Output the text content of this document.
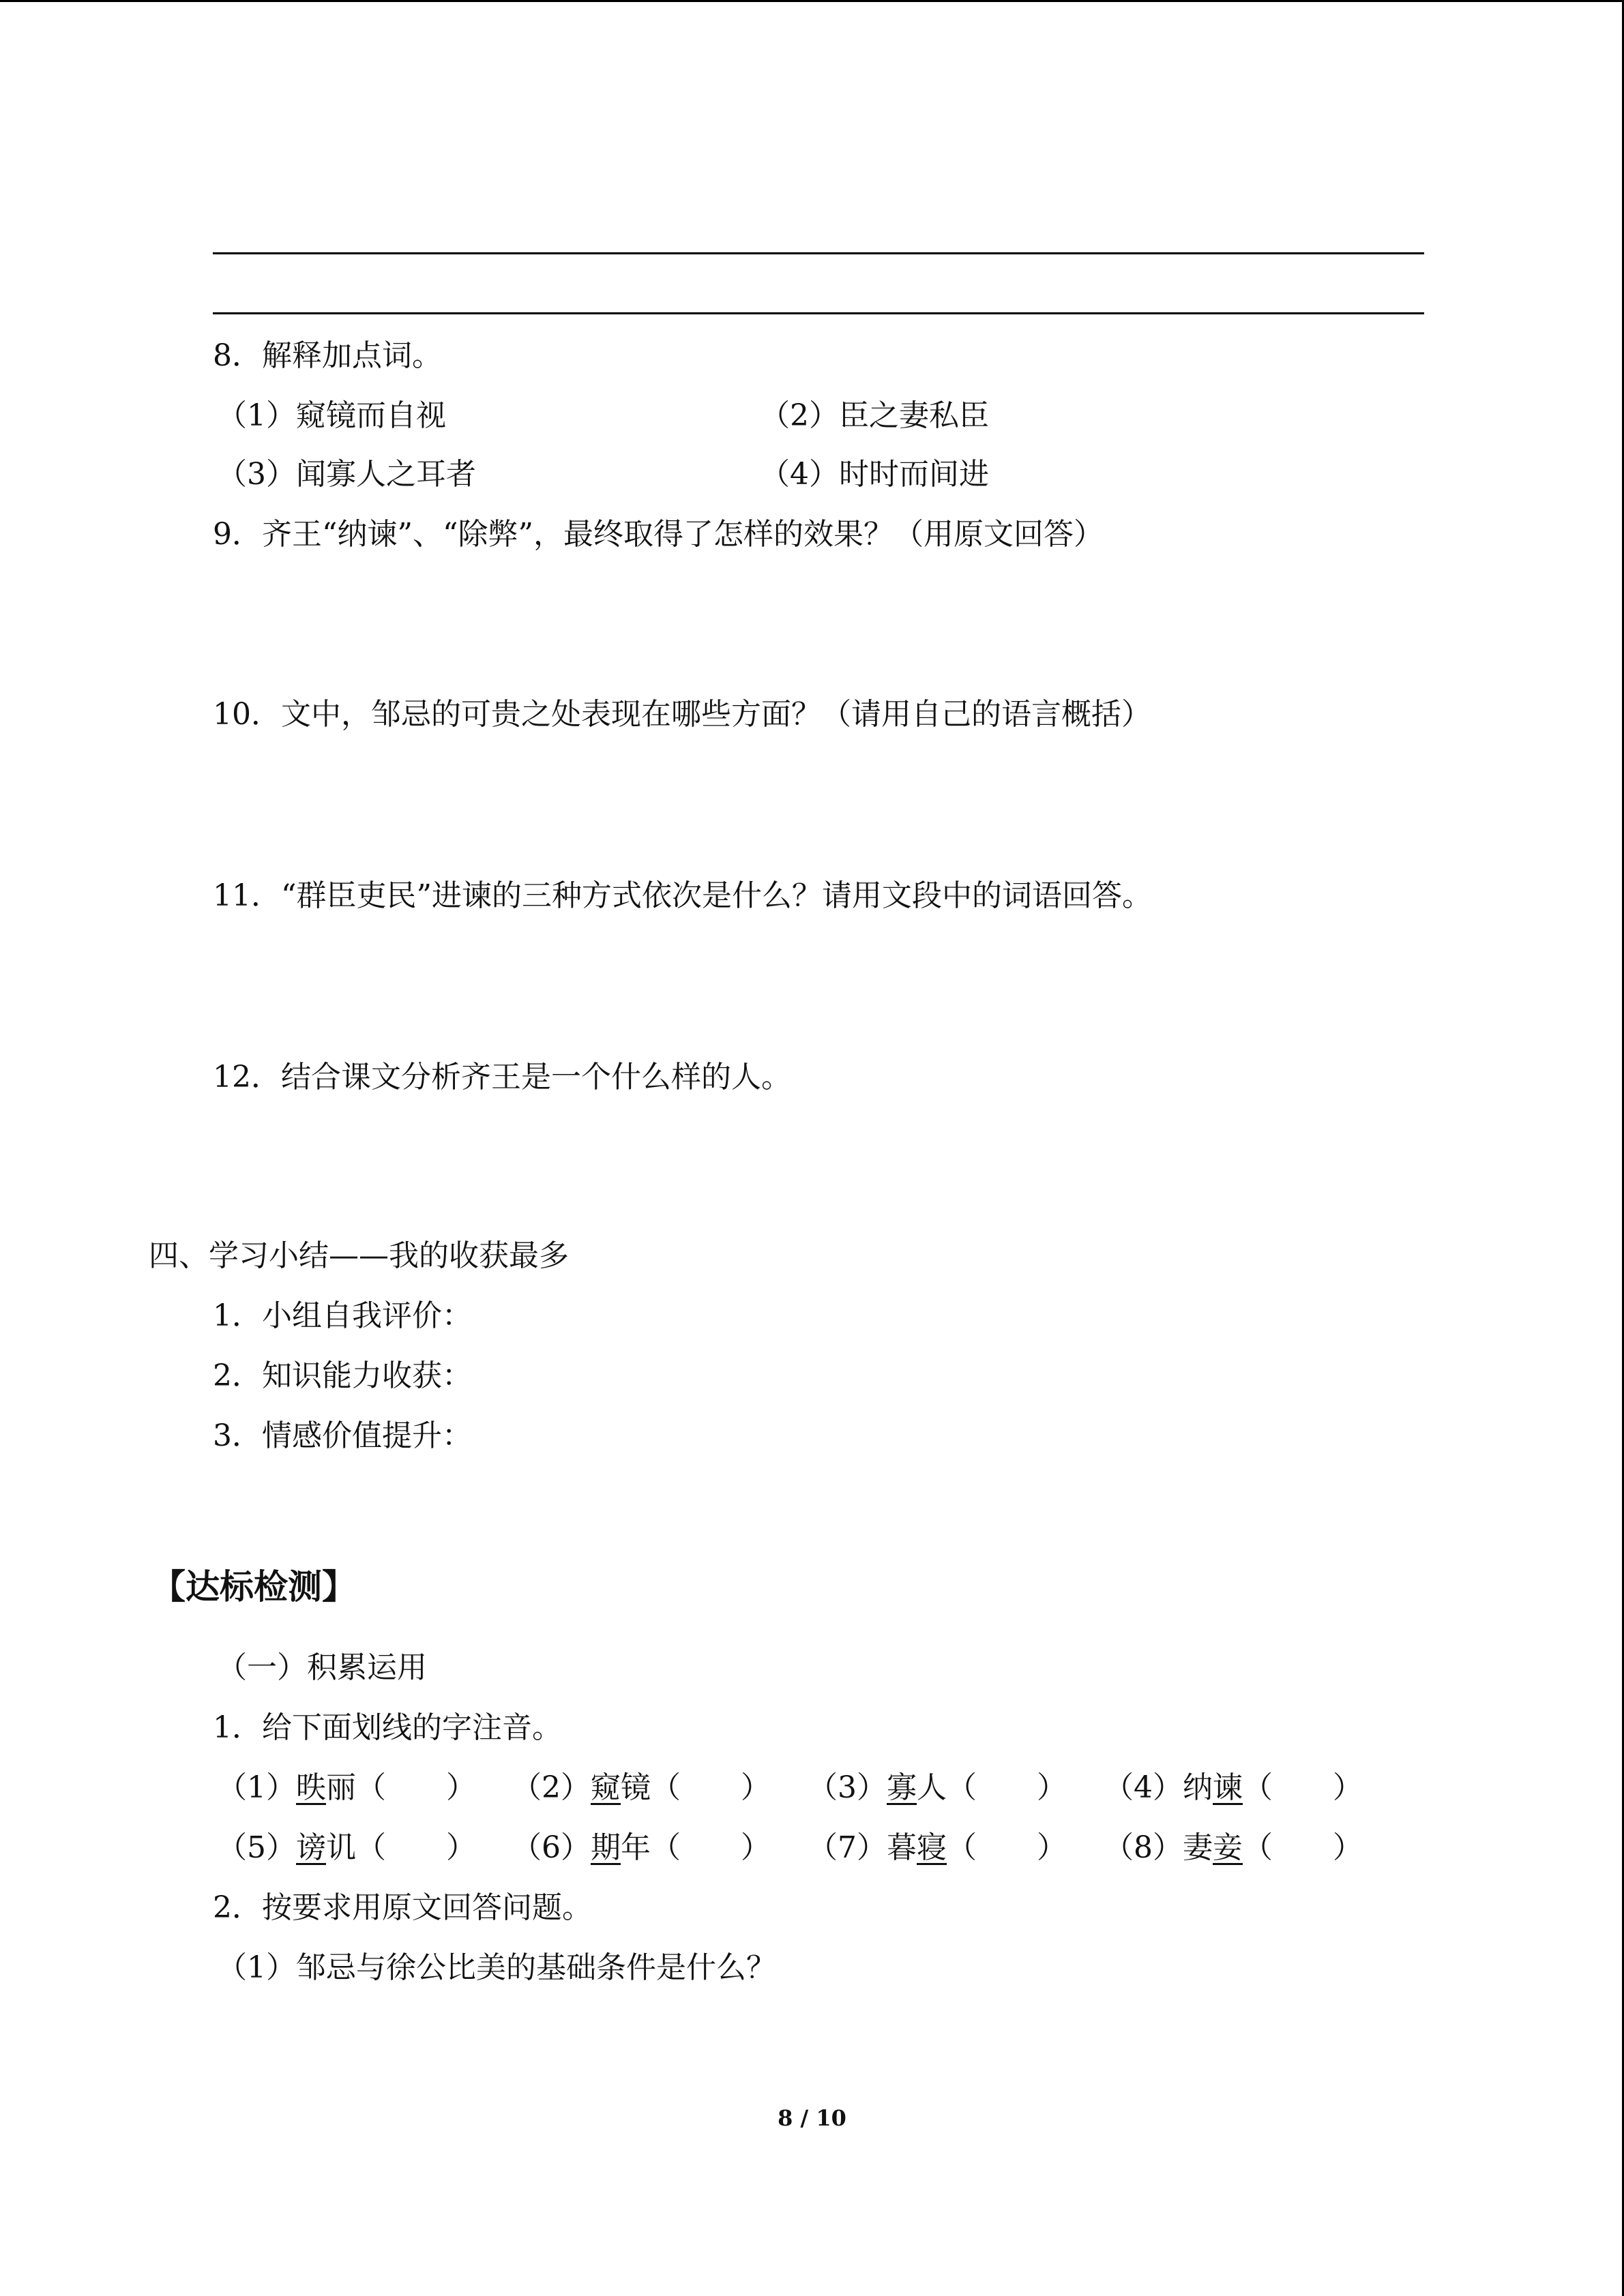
8．解释加点词。
（1）窥镜而自视	（2）臣之妻私臣
（3）闻寡人之耳者	（4）时时而间进
9．齐王“纳谏”、“除弊”，最终取得了怎样的效果？（用原文回答）
10．文中，邹忌的可贵之处表现在哪些方面？（请用自己的语言概括）
11．“群臣吏民”进谏的三种方式依次是什么？请用文段中的词语回答。
12．结合课文分析齐王是一个什么样的人。
四、学习小结——我的收获最多
1．小组自我评价：
2．知识能力收获：
3．情感价值提升：
【达标检测】
（一）积累运用
1．给下面划线的字注音。
（1）昳丽（　　） （2）窥镜（　　） （3）寡人（　　） （4）纳谏（　　）
（5）谤讥（　　） （6）期年（　　） （7）暮寝（　　） （8）妻妾（　　）
2．按要求用原文回答问题。
（1）邹忌与徐公比美的基础条件是什么？
8 / 10
